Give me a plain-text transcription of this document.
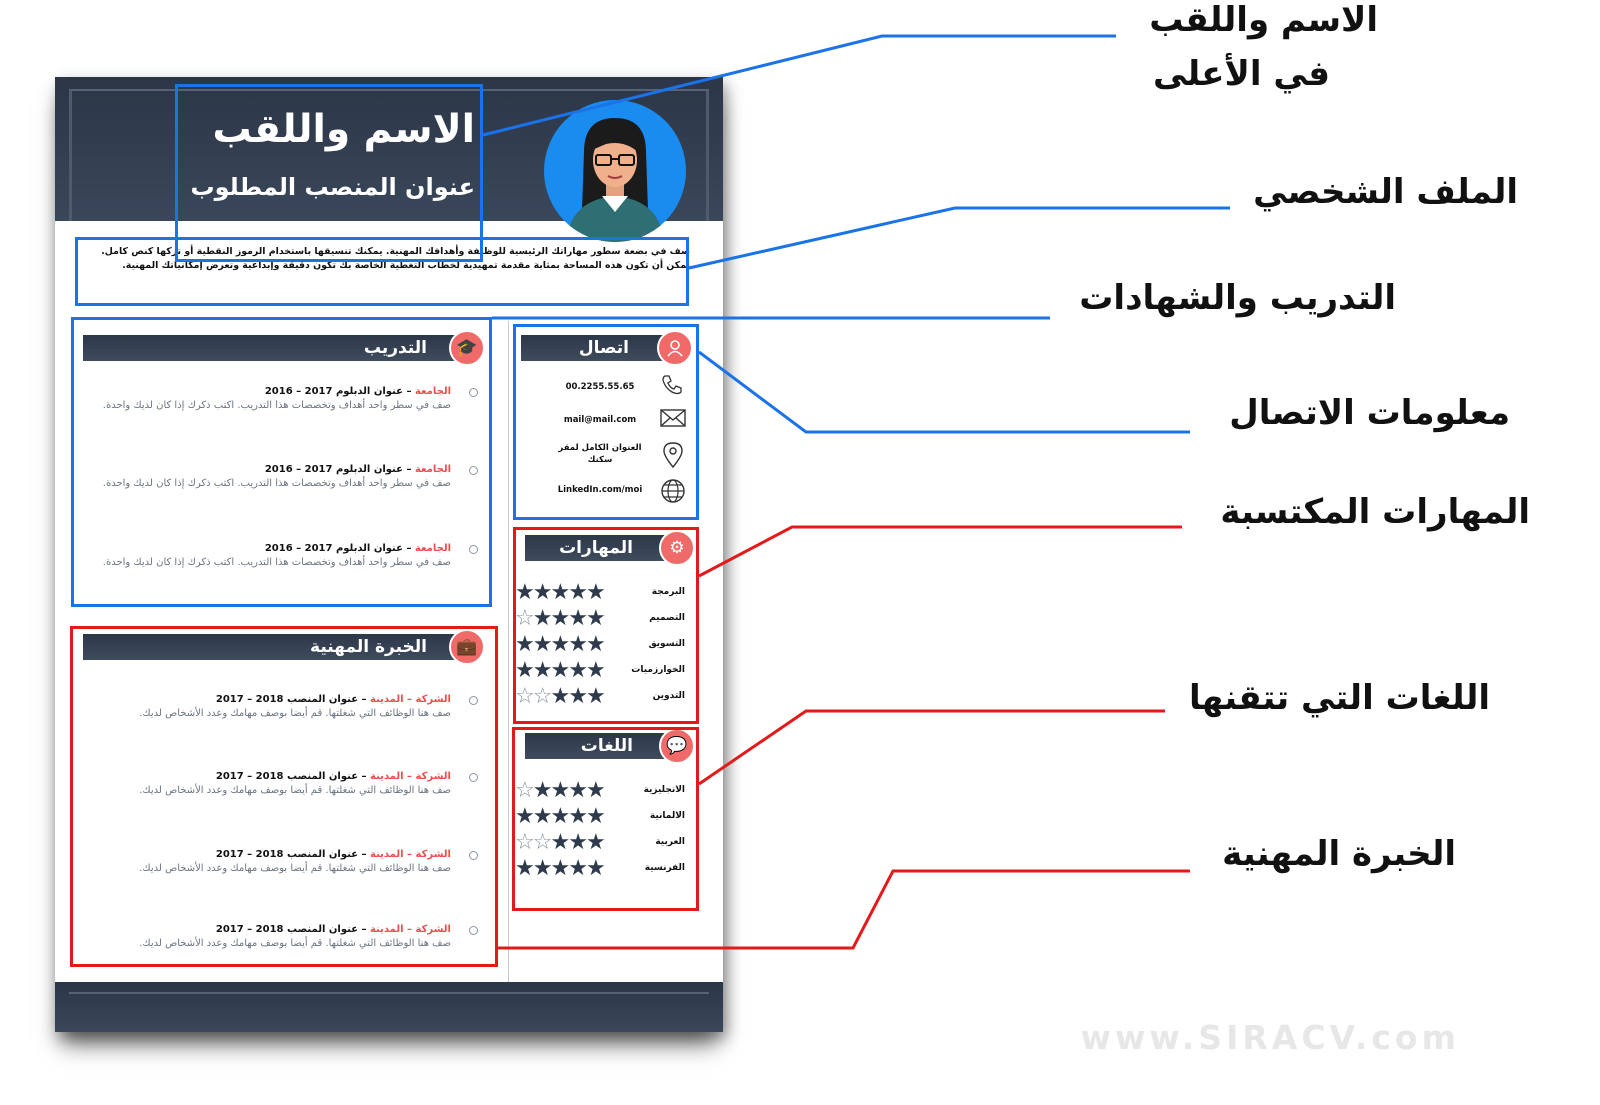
الاسم واللقب
عنوان المنصب المطلوب
صف في بضعة سطور مهاراتك الرئيسية للوظيفة وأهدافك المهنية. يمكنك تنسيقها باستخدام الرموز النقطية أو تركها كنص كامل. يمكن أن تكون هذه المساحة بمثابة مقدمة تمهيدية لخطاب التغطية الخاصة بك تكون دقيقة وإبداعية وتعرض إمكانياتك المهنية.
التدريب	🎓
الخبرة المهنية	💼
اتصال
00.2255.55.65
mail@mail.com
العنوان الكامل لمقر
سكنك
LinkedIn.com/moi
المهارات	⚙
اللغات	💬
2016 – 2017	الجامعة – عنوان الدبلوم
صف في سطر واحد أهداف وتخصصات هذا التدريب. اكتب ذكرك إذا كان لديك واحدة.
2016 – 2017	الجامعة – عنوان الدبلوم
صف في سطر واحد أهداف وتخصصات هذا التدريب. اكتب ذكرك إذا كان لديك واحدة.
2016 – 2017	الجامعة – عنوان الدبلوم
صف في سطر واحد أهداف وتخصصات هذا التدريب. اكتب ذكرك إذا كان لديك واحدة.
2017 – 2018	الشركة – المدينة – عنوان المنصب
صف هنا الوظائف التي شغلتها. قم أيضا بوصف مهامك وعدد الأشخاص لديك.
2017 – 2018	الشركة – المدينة – عنوان المنصب
صف هنا الوظائف التي شغلتها. قم أيضا بوصف مهامك وعدد الأشخاص لديك.
2017 – 2018	الشركة – المدينة – عنوان المنصب
صف هنا الوظائف التي شغلتها. قم أيضا بوصف مهامك وعدد الأشخاص لديك.
2017 – 2018	الشركة – المدينة – عنوان المنصب
صف هنا الوظائف التي شغلتها. قم أيضا بوصف مهامك وعدد الأشخاص لديك.
البرمجة
★★★★★
التصميم
☆★★★★
التسويق
★★★★★
الخوارزميات
★★★★★
التدوين
☆☆★★★
الانجليزية
☆★★★★
الالمانية
★★★★★
العربية
☆☆★★★
الفرنسية
★★★★★
الاسم واللقب
في الأعلى
الملف الشخصي
التدريب والشهادات
معلومات الاتصال
المهارات المكتسبة
اللغات التي تتقنها
الخبرة المهنية
www.SIRACV.com
